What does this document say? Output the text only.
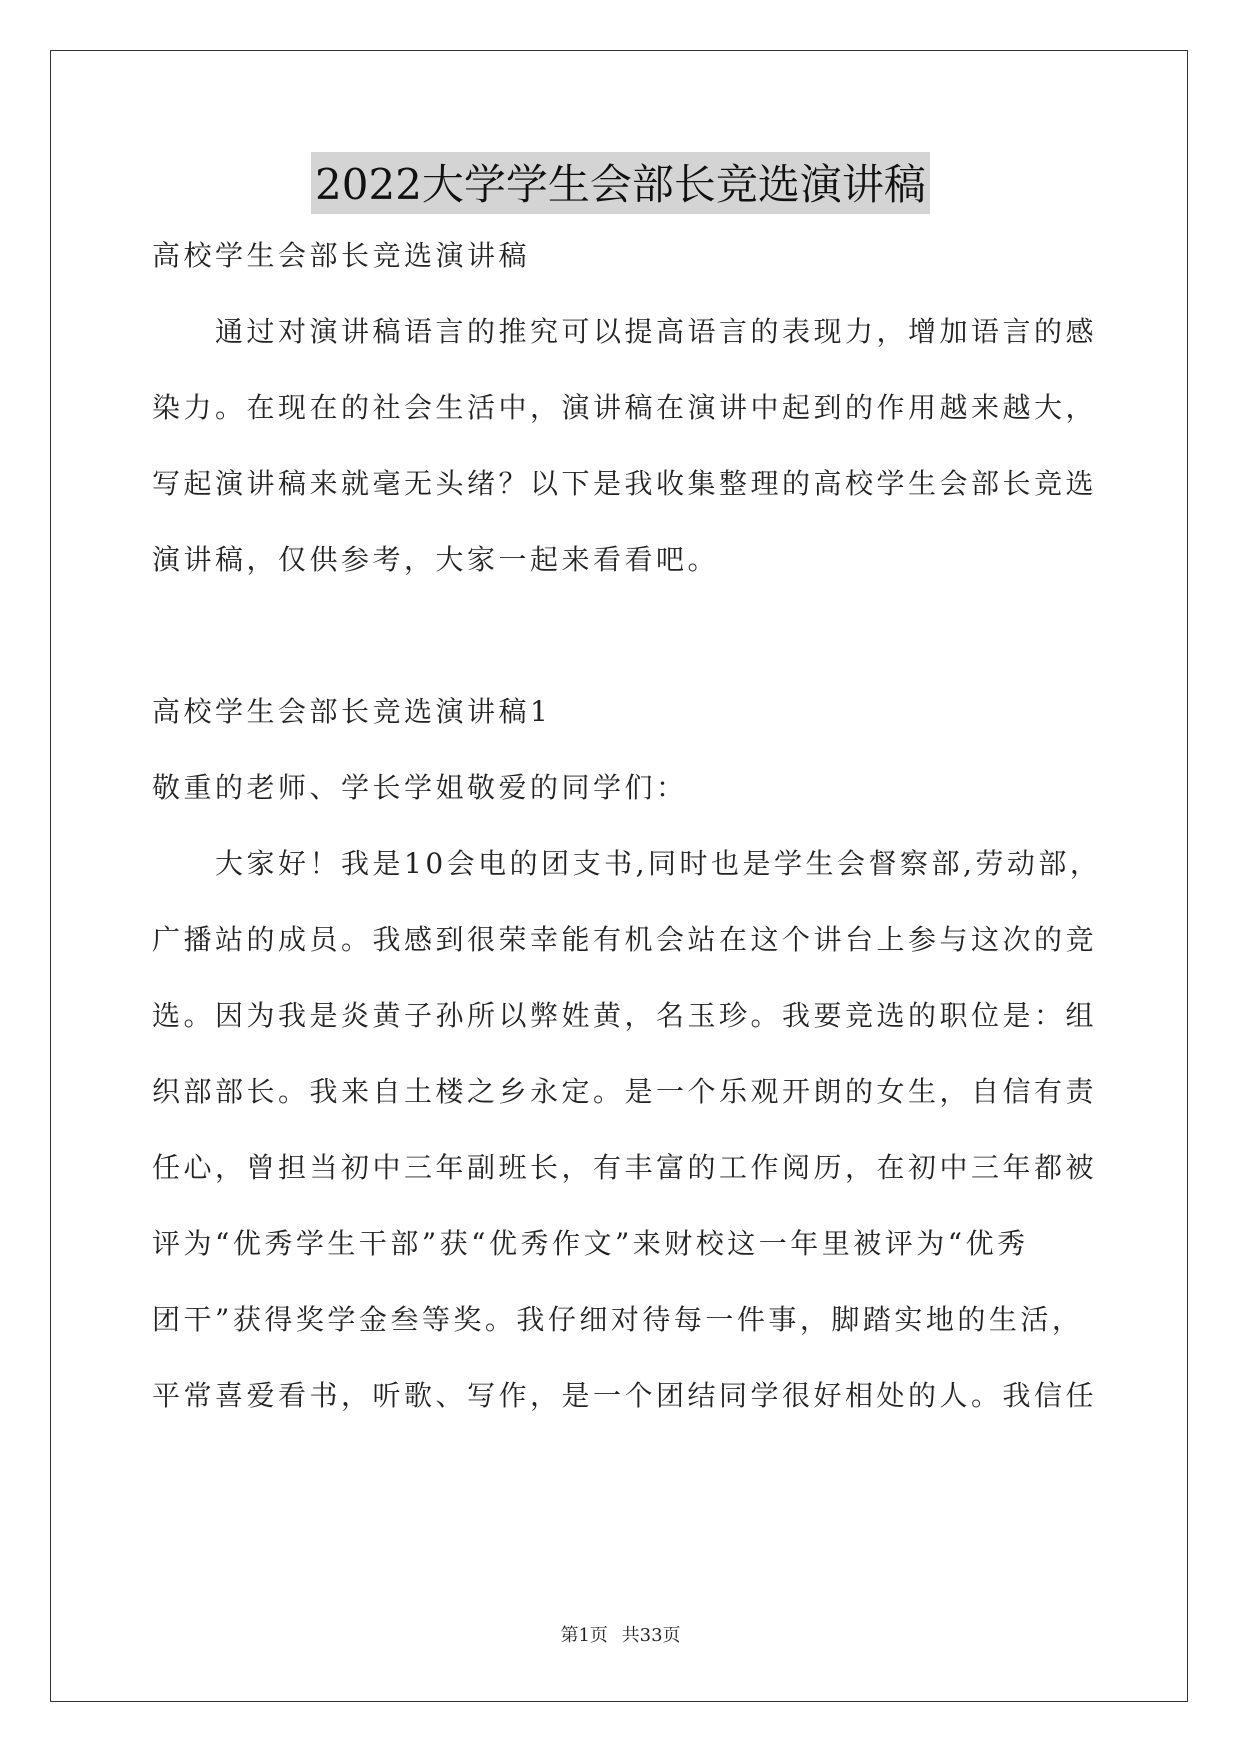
2022大学学生会部长竞选演讲稿

高校学生会部长竞选演讲稿

通过对演讲稿语言的推究可以提高语言的表现力，增加语言的感

染力。在现在的社会生活中，演讲稿在演讲中起到的作用越来越大，

写起演讲稿来就毫无头绪？以下是我收集整理的高校学生会部长竞选

演讲稿，仅供参考，大家一起来看看吧。

高校学生会部长竞选演讲稿1

敬重的老师、学长学姐敬爱的同学们：

大家好！我是10会电的团支书,同时也是学生会督察部,劳动部，

广播站的成员。我感到很荣幸能有机会站在这个讲台上参与这次的竞

选。因为我是炎黄子孙所以弊姓黄，名玉珍。我要竞选的职位是：组

织部部长。我来自土楼之乡永定。是一个乐观开朗的女生，自信有责

任心，曾担当初中三年副班长，有丰富的工作阅历，在初中三年都被

评为“优秀学生干部”获“优秀作文”来财校这一年里被评为“优秀

团干”获得奖学金叁等奖。我仔细对待每一件事，脚踏实地的生活，

平常喜爱看书，听歌、写作，是一个团结同学很好相处的人。我信任

第1页 共33页
